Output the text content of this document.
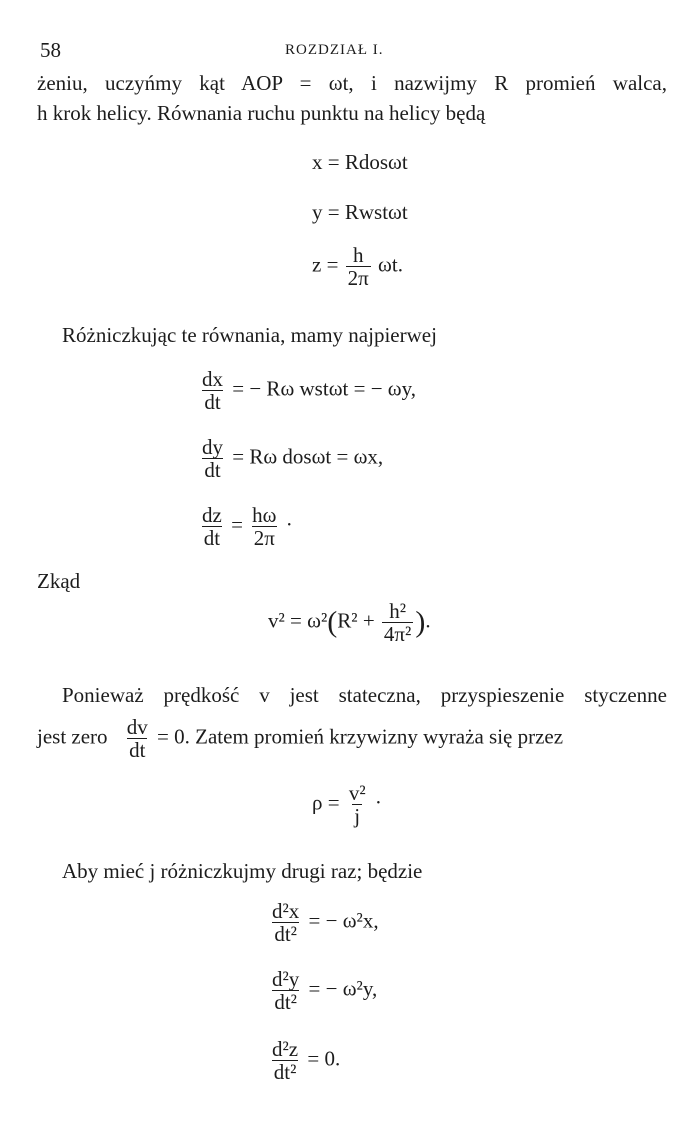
58	ROZDZIAŁ I.
żeniu, uczyńmy kąt AOP = ωt, i nazwijmy R promień walca,
h krok helicy. Równania ruchu punktu na helicy będą
x = Rdosωt
y = Rwstωt
$z = \frac{h}{2\pi} \omega t$.
Różniczkując te równania, mamy najpierwej
$\frac{dx}{dt}$ = − Rω wstωt = − ωy,
$\frac{dy}{dt} = R\omega$ dosωt = ωx,
$\frac{dz}{dt} = \frac{h\omega}{2\pi}$ ·
Zkąd
$v^2 = \omega^2(R^2 + \frac{\text{h²}}{\text{4π²}}$ ).
Ponieważ prędkość v jest stateczna, przyspieszenie styczenne
jest zero $\frac{dv}{dt} = 0$. Zatem promień krzywizny wyraża się przez
$\rho = \frac{\text{v²}}{j}$ ·
Aby mieć j różniczkujmy drugi raz; będzie
$\frac{\text{d²x}}{\text{dt²}}$ = − ω²x,
$\frac{\text{d²y}}{\text{dt²}}$ = − ω²y,
$\frac{\text{d²z}}{\text{dt²}} = 0$.
